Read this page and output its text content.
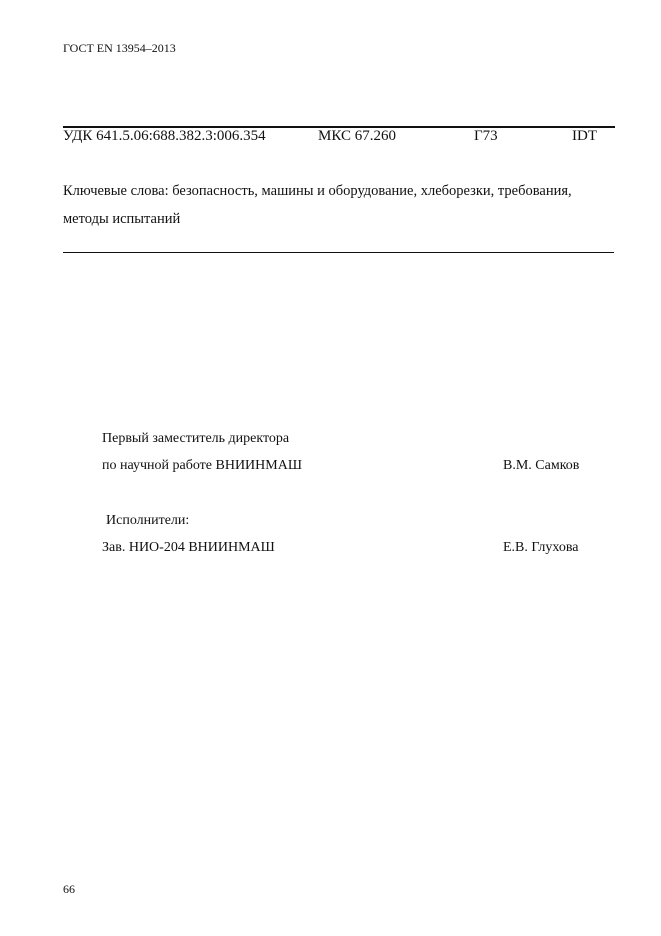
ГОСТ EN 13954–2013
УДК 641.5.06:688.382.3:006.354	МКС 67.260	Г73	IDT
Ключевые слова: безопасность, машины и оборудование, хлеборезки, требования,
методы испытаний
Первый заместитель директора
по научной работе ВНИИНМАШ	В.М. Самков
Исполнители:
Зав. НИО-204 ВНИИНМАШ	Е.В. Глухова
66
